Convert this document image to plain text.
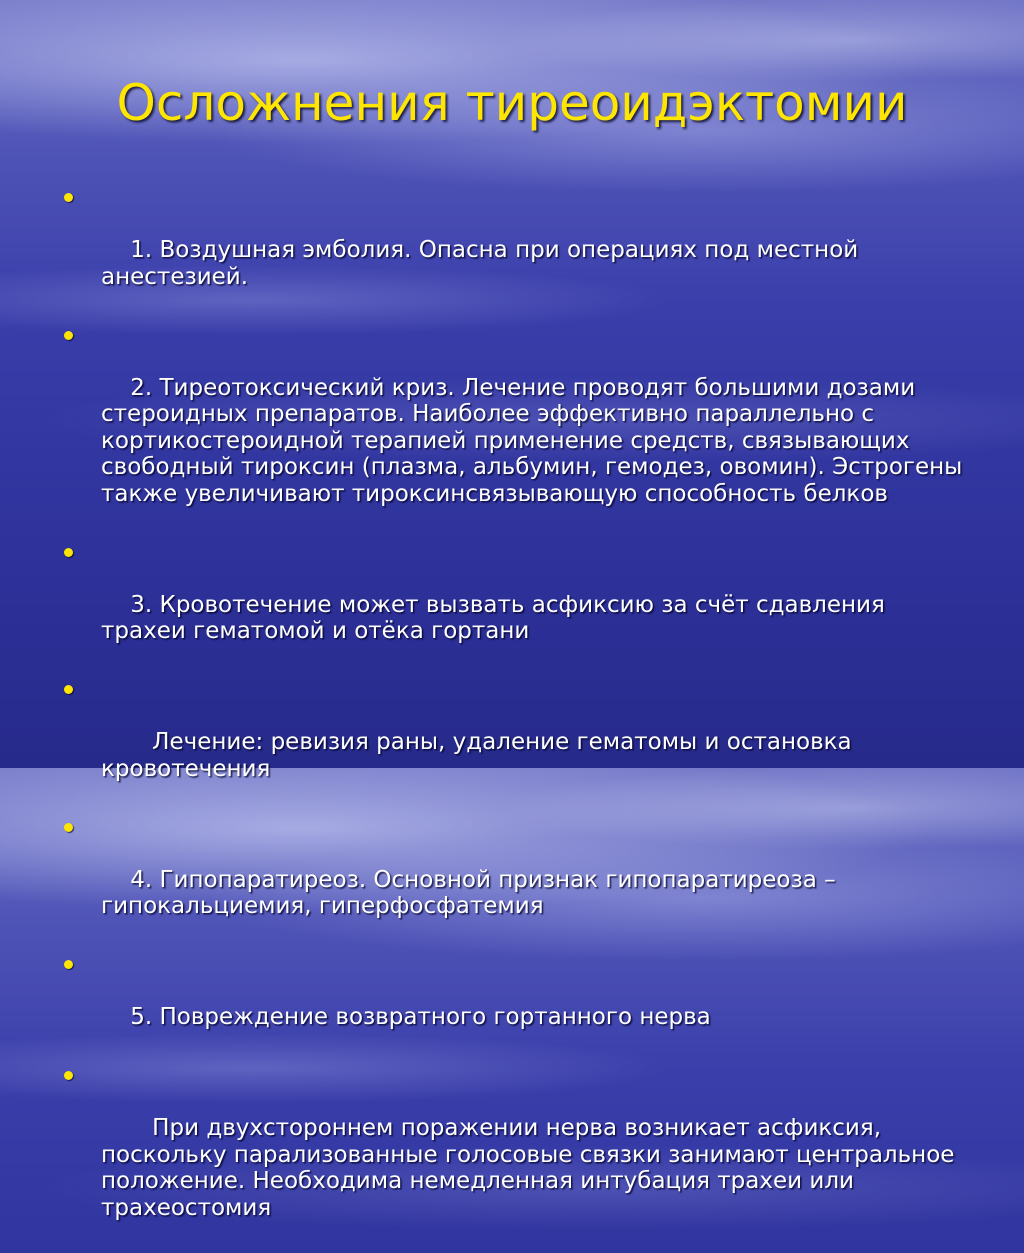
Осложнения тиреоидэктомии

1. Воздушная эмболия. Опасна при операциях под местной анестезией.

2. Тиреотоксический криз. Лечение проводят большими дозами стероидных препаратов. Наиболее эффективно параллельно с кортикостероидной терапией применение средств, связывающих свободный тироксин (плазма, альбумин, гемодез, овомин). Эстрогены также увеличивают тироксинсвязывающую способность белков

3. Кровотечение может вызвать асфиксию за счёт сдавления трахеи гематомой и отёка гортани

Лечение: ревизия раны, удаление гематомы и остановка кровотечения

4. Гипопаратиреоз. Основной признак гипопаратиреоза – гипокальциемия, гиперфосфатемия

5. Повреждение возвратного гортанного нерва

При двухстороннем поражении нерва возникает асфиксия, поскольку парализованные голосовые связки занимают центральное положение. Необходима немедленная интубация трахеи или трахеостомия
